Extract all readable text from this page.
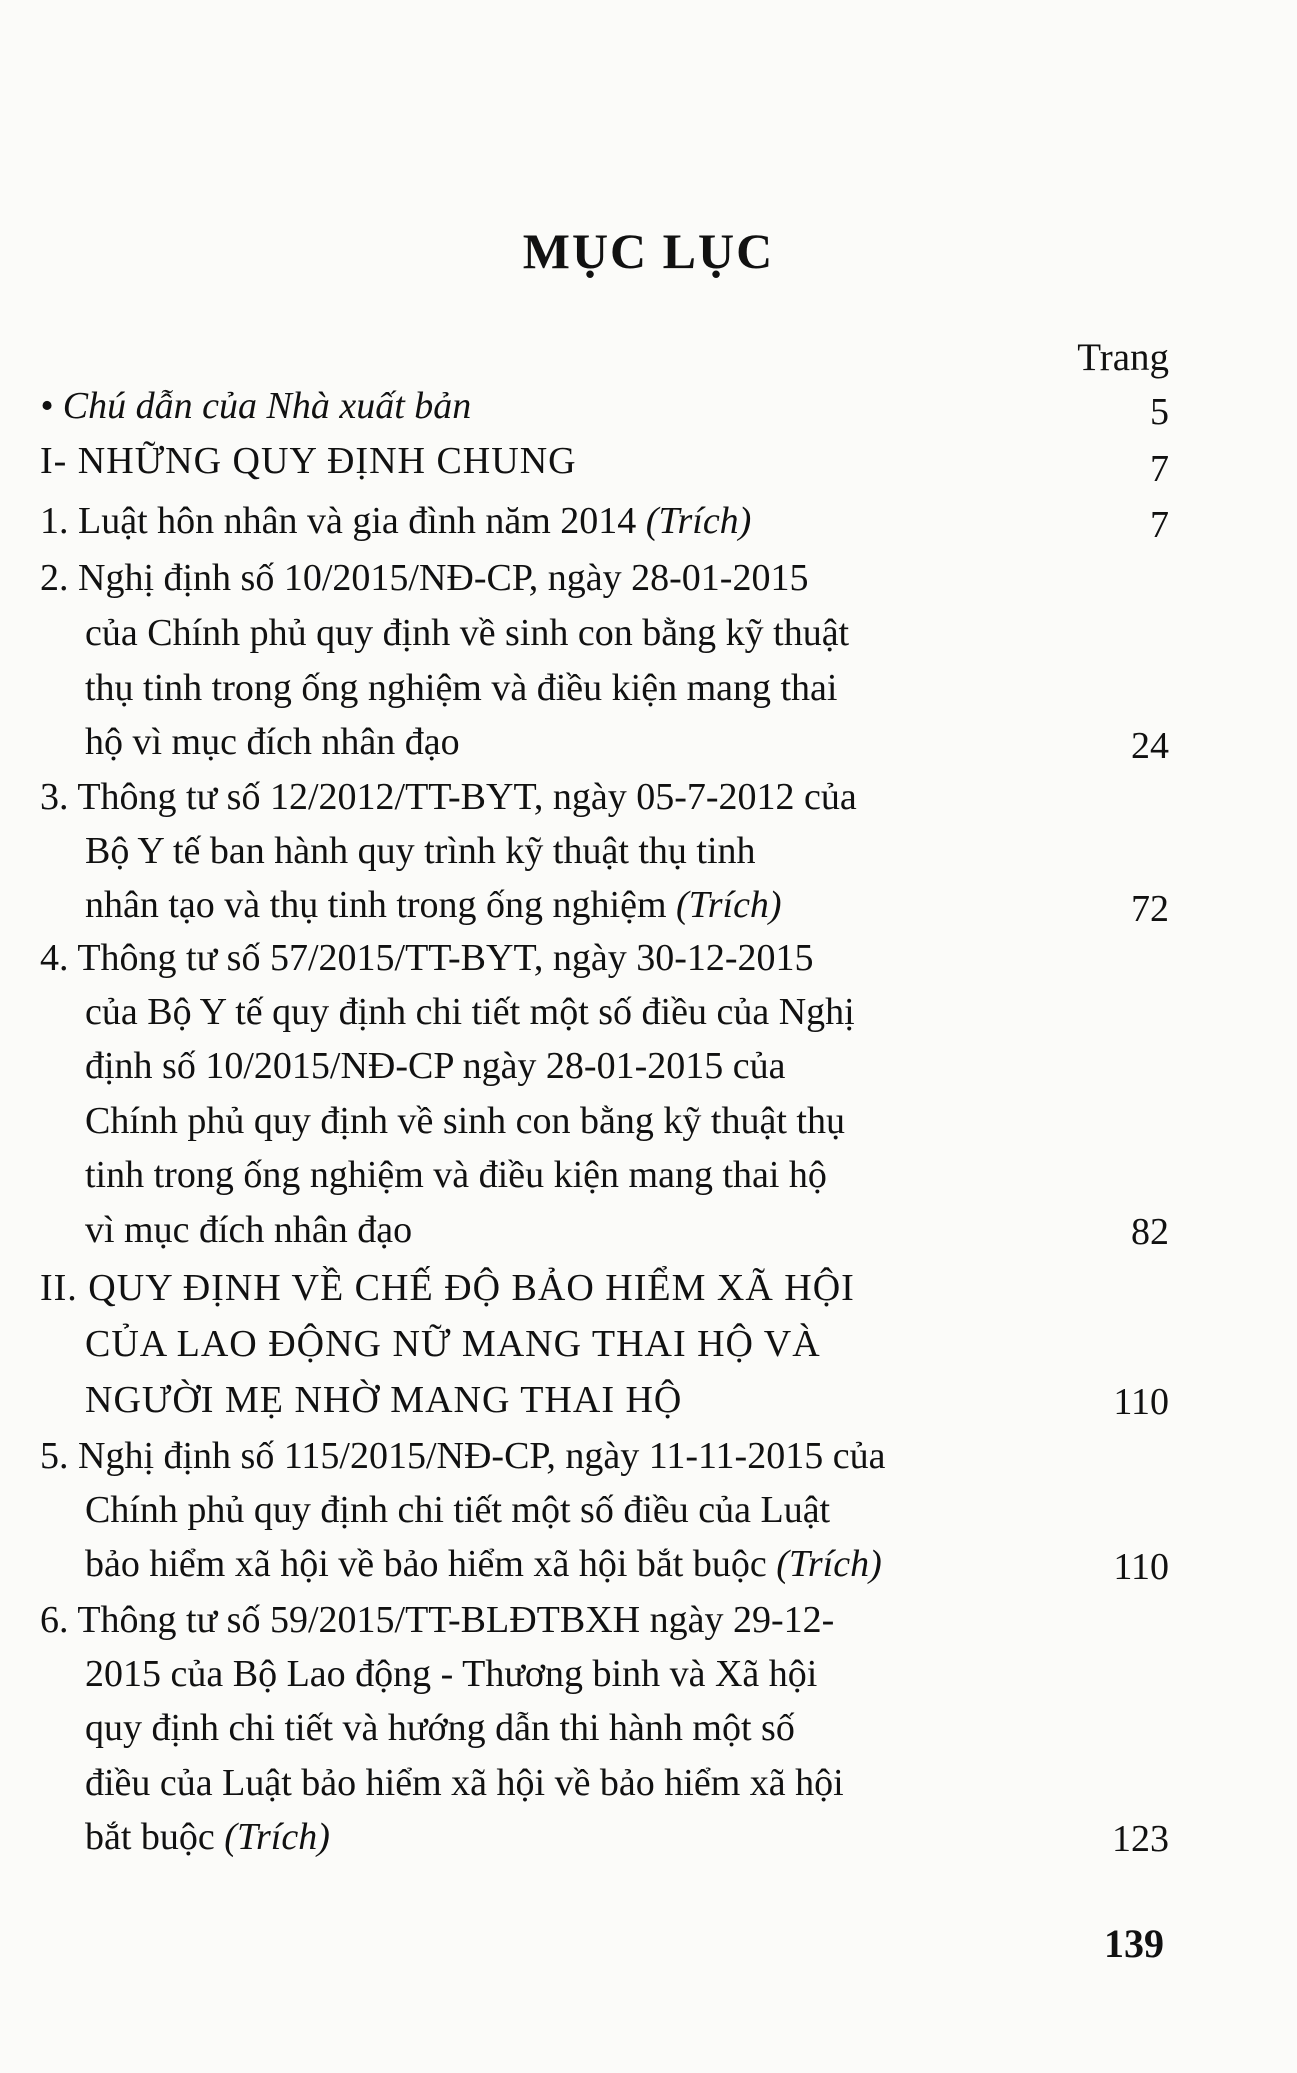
MỤC LỤC
Trang
• Chú dẫn của Nhà xuất bản	5
I- NHỮNG QUY ĐỊNH CHUNG	7
1. Luật hôn nhân và gia đình năm 2014 (Trích)	7
2. Nghị định số 10/2015/NĐ-CP, ngày 28-01-2015
của Chính phủ quy định về sinh con bằng kỹ thuật
thụ tinh trong ống nghiệm và điều kiện mang thai
hộ vì mục đích nhân đạo	24
3. Thông tư số 12/2012/TT-BYT, ngày 05-7-2012 của
Bộ Y tế ban hành quy trình kỹ thuật thụ tinh
nhân tạo và thụ tinh trong ống nghiệm (Trích)	72
4. Thông tư số 57/2015/TT-BYT, ngày 30-12-2015
của Bộ Y tế quy định chi tiết một số điều của Nghị
định số 10/2015/NĐ-CP ngày 28-01-2015 của
Chính phủ quy định về sinh con bằng kỹ thuật thụ
tinh trong ống nghiệm và điều kiện mang thai hộ
vì mục đích nhân đạo	82
II. QUY ĐỊNH VỀ CHẾ ĐỘ BẢO HIỂM XÃ HỘI
CỦA LAO ĐỘNG NỮ MANG THAI HỘ VÀ
NGƯỜI MẸ NHỜ MANG THAI HỘ	110
5. Nghị định số 115/2015/NĐ-CP, ngày 11-11-2015 của
Chính phủ quy định chi tiết một số điều của Luật
bảo hiểm xã hội về bảo hiểm xã hội bắt buộc (Trích)	110
6. Thông tư số 59/2015/TT-BLĐTBXH ngày 29-12-
2015 của Bộ Lao động - Thương binh và Xã hội
quy định chi tiết và hướng dẫn thi hành một số
điều của Luật bảo hiểm xã hội về bảo hiểm xã hội
bắt buộc (Trích)	123
139
